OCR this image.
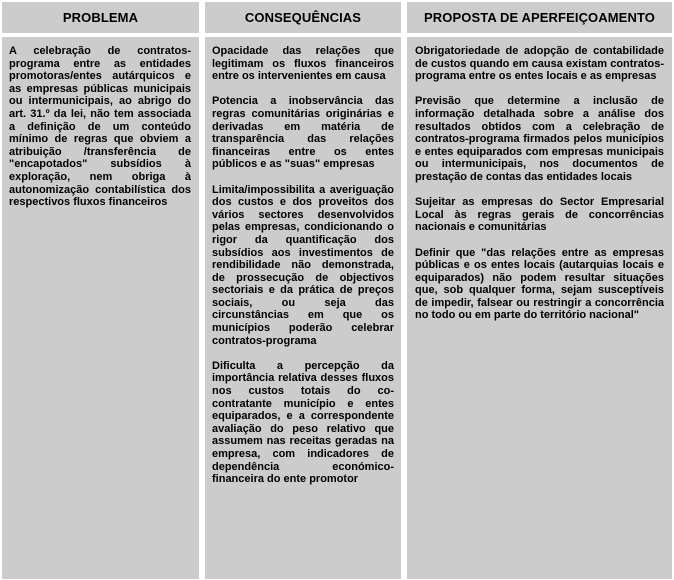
PROBLEMA	CONSEQUÊNCIAS	PROPOSTA DE APERFEIÇOAMENTO

A celebração de contratos-programa entre as entidades promotoras/entes autárquicos e as empresas públicas municipais ou intermunicipais, ao abrigo do art. 31.º da lei, não tem associada a definição de um conteúdo mínimo de regras que obviem a atribuição /transferência de "encapotados" subsídios à exploração, nem obriga à autonomização contabilística dos respectivos fluxos financeiros

Opacidade das relações que legitimam os fluxos financeiros entre os intervenientes em causa

Potencia a inobservância das regras comunitárias originárias e derivadas em matéria de transparência das relações financeiras entre os entes públicos e as "suas" empresas

Limita/impossibilita a averiguação dos custos e dos proveitos dos vários sectores desenvolvidos pelas empresas, condicionando o rigor da quantificação dos subsídios aos investimentos de rendibilidade não demonstrada, de prossecução de objectivos sectoriais e da prática de preços sociais, ou seja das circunstâncias em que os municípios poderão celebrar contratos-programa

Dificulta a percepção da importância relativa desses fluxos nos custos totais do co-contratante município e entes equiparados, e a correspondente avaliação do peso relativo que assumem nas receitas geradas na empresa, com indicadores de dependência económico-financeira do ente promotor

Obrigatoriedade de adopção de contabilidade de custos quando em causa existam contratos-programa entre os entes locais e as empresas

Previsão que determine a inclusão de informação detalhada sobre a análise dos resultados obtidos com a celebração de contratos-programa firmados pelos municípios e entes equiparados com empresas municipais ou intermunicipais, nos documentos de prestação de contas das entidades locais

Sujeitar as empresas do Sector Empresarial Local às regras gerais de concorrências nacionais e comunitárias

Definir que "das relações entre as empresas públicas e os entes locais (autarquias locais e equiparados) não podem resultar situações que, sob qualquer forma, sejam susceptíveis de impedir, falsear ou restringir a concorrência no todo ou em parte do território nacional"
